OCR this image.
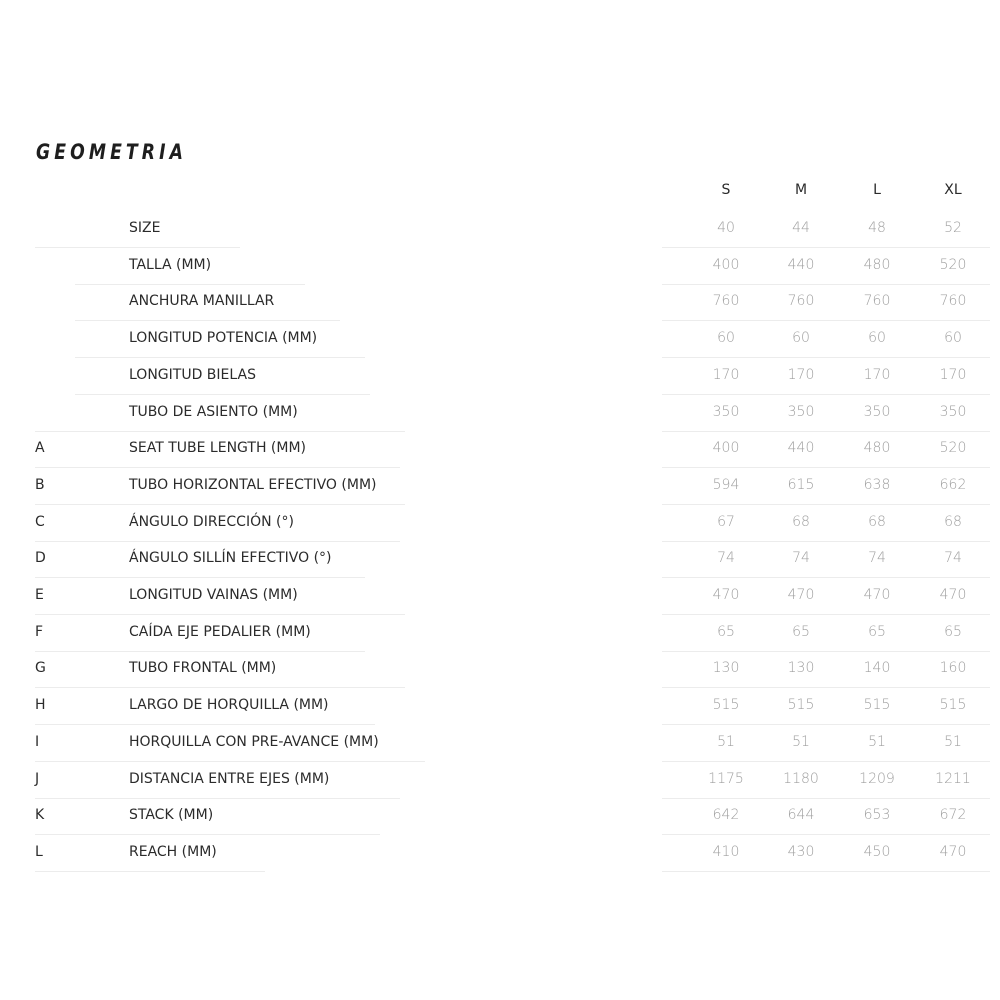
GEOMETRIA
S	M	L	XL
SIZE	40	44	48	52
TALLA (MM)	400	440	480	520
ANCHURA MANILLAR	760	760	760	760
LONGITUD POTENCIA (MM)	60	60	60	60
LONGITUD BIELAS	170	170	170	170
TUBO DE ASIENTO (MM)	350	350	350	350
A	SEAT TUBE LENGTH (MM)	400	440	480	520
B	TUBO HORIZONTAL EFECTIVO (MM)	594	615	638	662
C	ÁNGULO DIRECCIÓN (°)	67	68	68	68
D	ÁNGULO SILLÍN EFECTIVO (°)	74	74	74	74
E	LONGITUD VAINAS (MM)	470	470	470	470
F	CAÍDA EJE PEDALIER (MM)	65	65	65	65
G	TUBO FRONTAL (MM)	130	130	140	160
H	LARGO DE HORQUILLA (MM)	515	515	515	515
I	HORQUILLA CON PRE-AVANCE (MM)	51	51	51	51
J	DISTANCIA ENTRE EJES (MM)	1175	1180	1209	1211
K	STACK (MM)	642	644	653	672
L	REACH (MM)	410	430	450	470
